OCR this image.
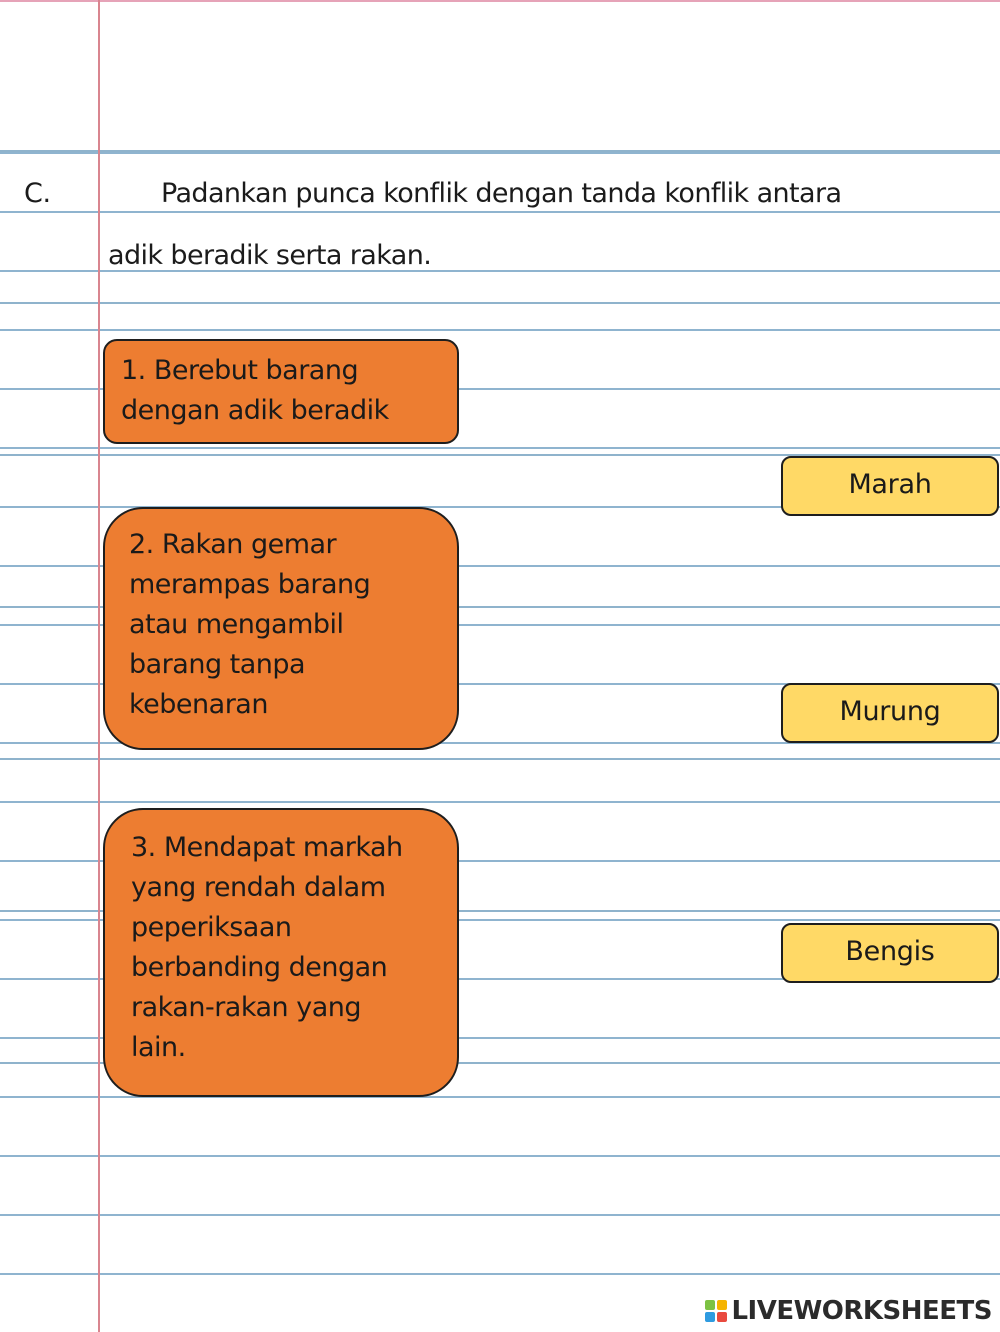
C.	Padankan punca konflik dengan tanda konflik antara
adik beradik serta rakan.
1. Berebut barang
dengan adik beradik
2. Rakan gemar
merampas barang
atau mengambil
barang tanpa
kebenaran
3. Mendapat markah
yang rendah dalam
peperiksaan
berbanding dengan
rakan-rakan yang
lain.
Marah
Murung
Bengis
LIVEWORKSHEETS
